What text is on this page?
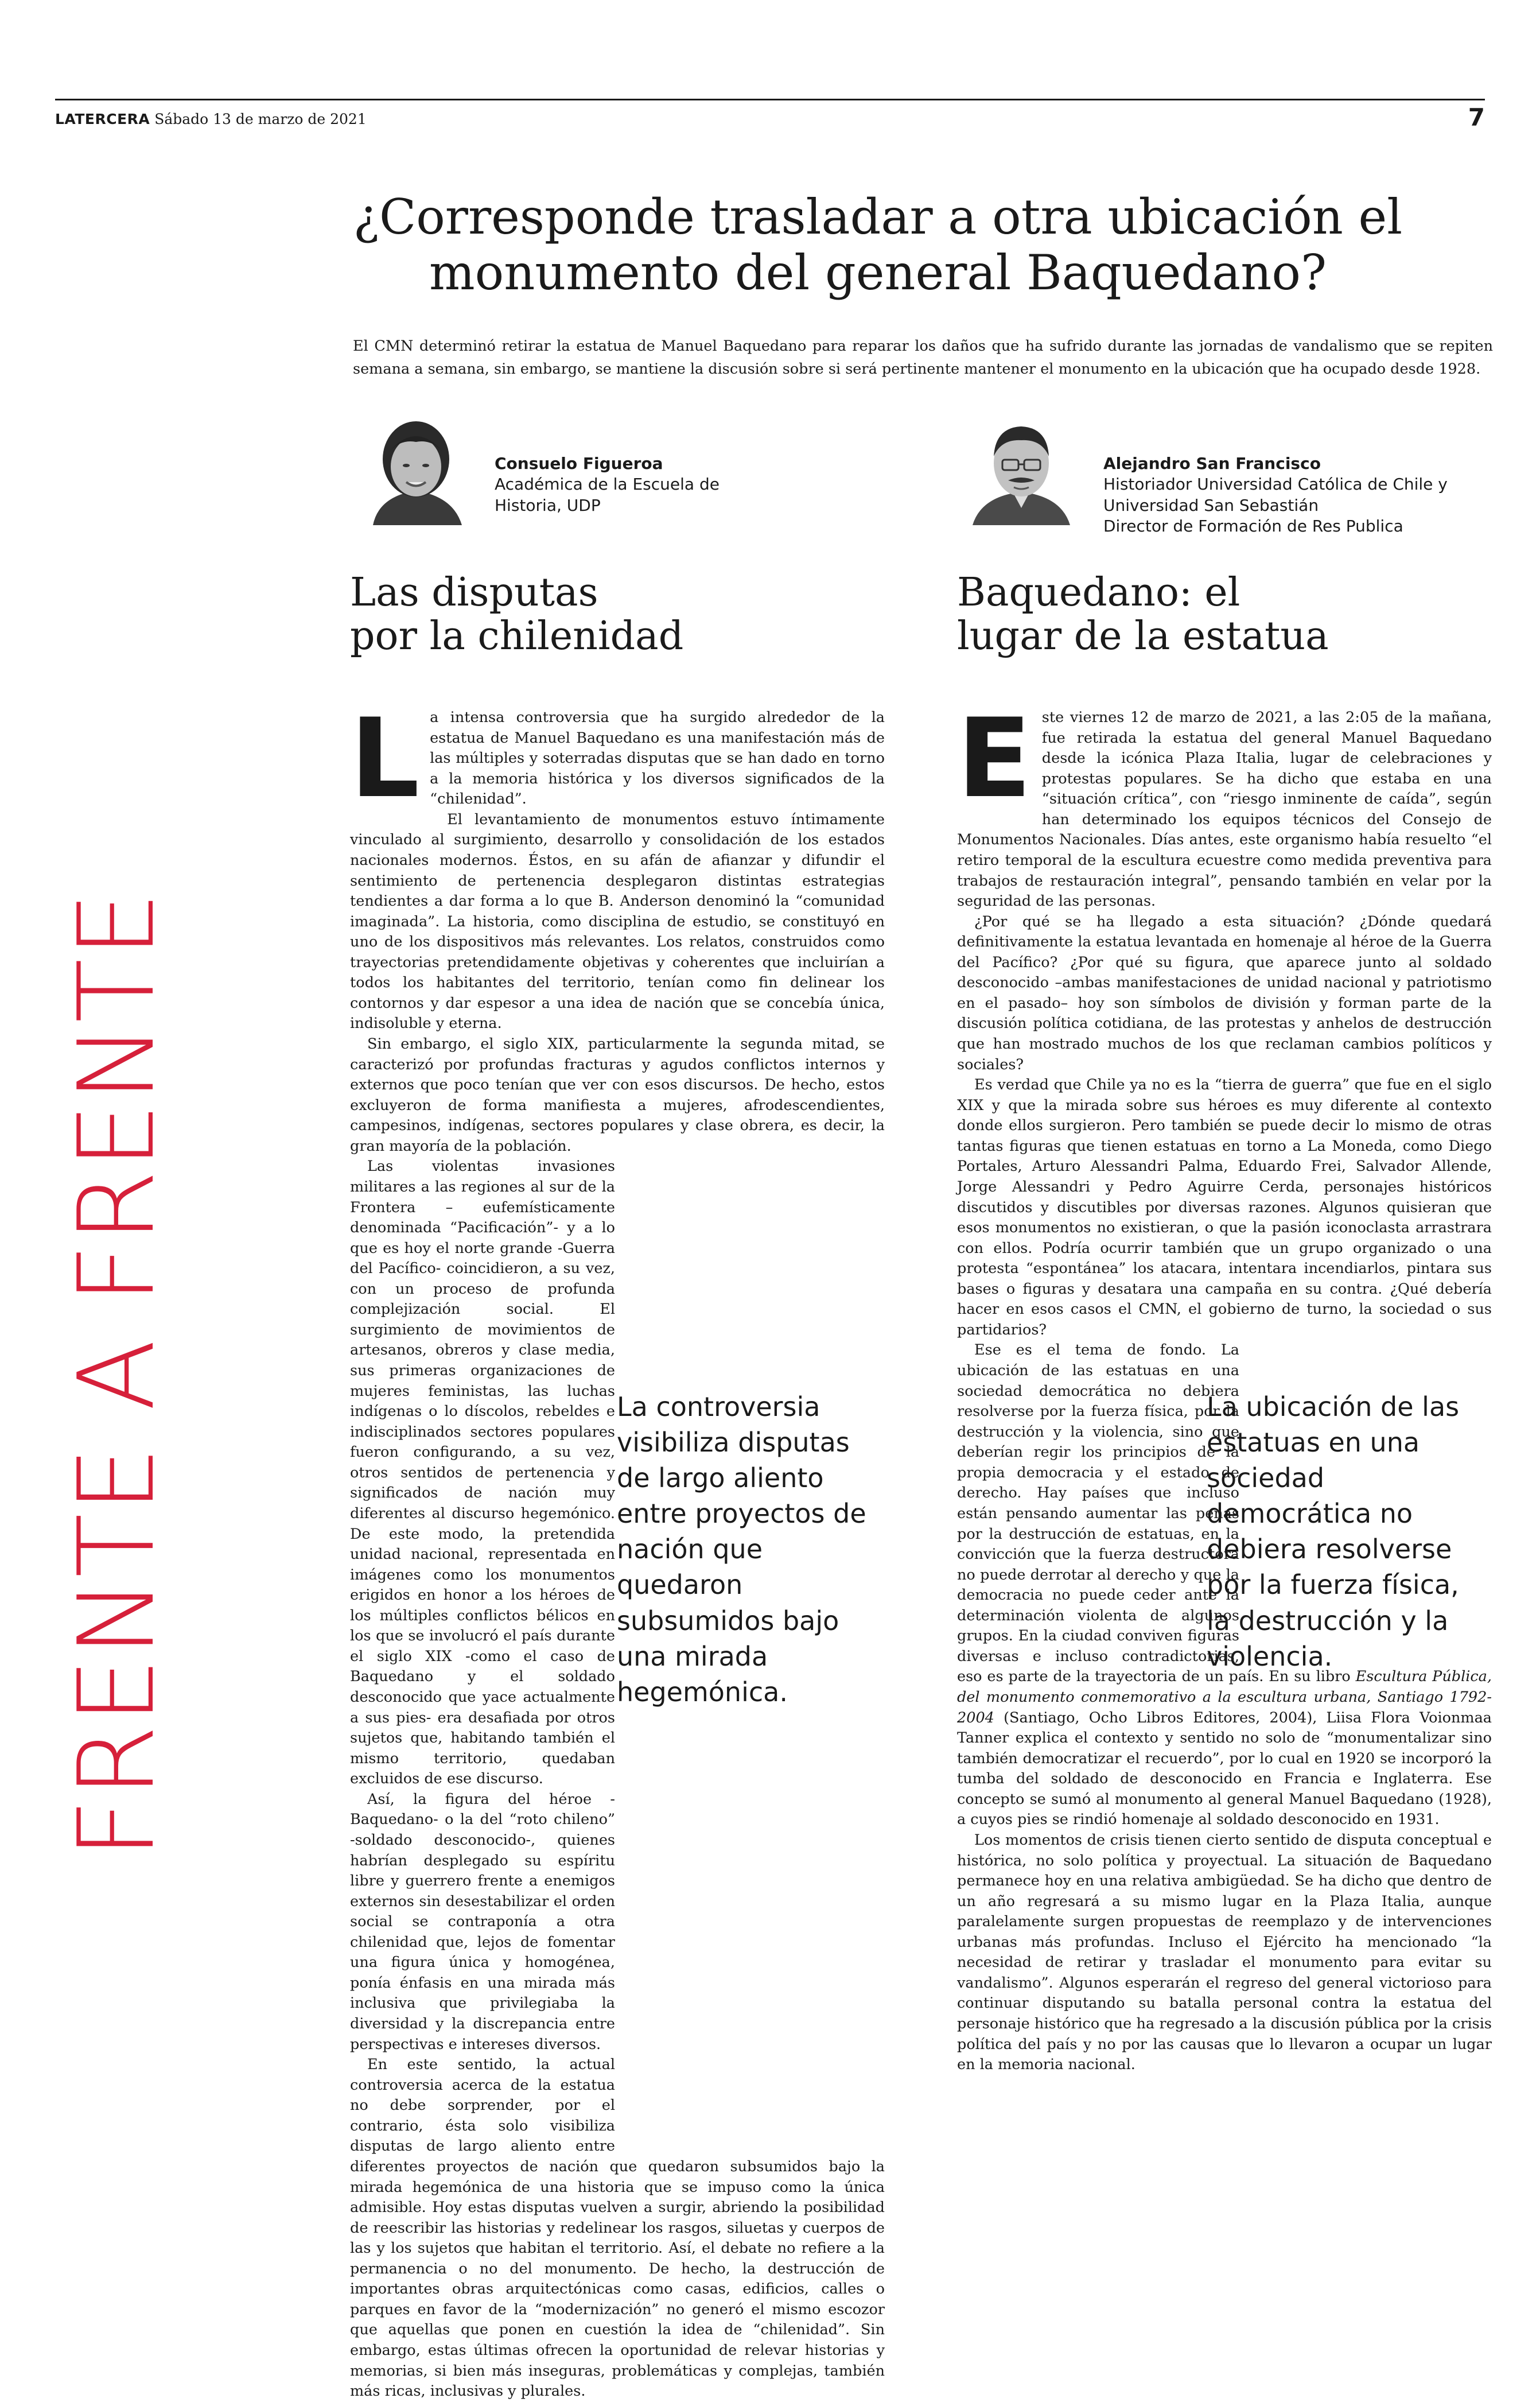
LATERCERA Sábado 13 de marzo de 2021	7
¿Corresponde trasladar a otra ubicación el
monumento del general Baquedano?
El CMN determinó retirar la estatua de Manuel Baquedano para reparar los daños que ha sufrido durante las jornadas de vandalismo que se repiten semana a semana, sin embargo, se mantiene la discusión sobre si será pertinente mantener el monumento en la ubicación que ha ocupado desde 1928.
FRENTE A FRENTE
Consuelo Figueroa
Académica de la Escuela de
Historia, UDP
Alejandro San Francisco
Historiador Universidad Católica de Chile y
Universidad San Sebastián
Director de Formación de Res Publica
Las disputas
por la chilenidad
Baquedano: el
lugar de la estatua

La intensa controversia que ha surgido alrededor de la estatua de Manuel Baquedano es una manifestación más de las múltiples y soterradas disputas que se han dado en torno a la memoria histórica y los diversos significados de la “chilenidad”.

El levantamiento de monumentos estuvo íntimamente vinculado al surgimiento, desarrollo y consolidación de los estados nacionales modernos. Éstos, en su afán de afianzar y difundir el sentimiento de pertenencia desplegaron distintas estrategias tendientes a dar forma a lo que B. Anderson denominó la “comunidad imaginada”. La historia, como disciplina de estudio, se constituyó en uno de los dispositivos más relevantes. Los relatos, construidos como trayectorias pretendidamente objetivas y coherentes que incluirían a todos los habitantes del territorio, tenían como fin delinear los contornos y dar espesor a una idea de nación que se concebía única, indisoluble y eterna.

Sin embargo, el siglo XIX, particularmente la segunda mitad, se caracterizó por profundas fracturas y agudos conflictos internos y externos que poco tenían que ver con esos discursos. De hecho, estos excluyeron de forma manifiesta a mujeres, afrodescendientes, campesinos, indígenas, sectores populares y clase obrera, es decir, la gran mayoría de la población.

Las violentas invasiones militares a las regiones al sur de la Frontera – eufemísticamente denominada “Pacificación”- y a lo que es hoy el norte grande -Guerra del Pacífico- coincidieron, a su vez, con un proceso de profunda complejización social. El surgimiento de movimientos de artesanos, obreros y clase media, sus primeras organizaciones de mujeres feministas, las luchas indígenas o lo díscolos, rebeldes e indisciplinados sectores populares fueron configurando, a su vez, otros sentidos de pertenencia y significados de nación muy diferentes al discurso hegemónico. De este modo, la pretendida unidad nacional, representada en imágenes como los monumentos erigidos en honor a los héroes de los múltiples conflictos bélicos en los que se involucró el país durante el siglo XIX -como el caso de Baquedano y el soldado desconocido que yace actualmente a sus pies- era desafiada por otros sujetos que, habitando también el mismo territorio, quedaban excluidos de ese discurso.

Así, la figura del héroe -Baquedano- o la del “roto chileno” -soldado desconocido-, quienes habrían desplegado su espíritu libre y guerrero frente a enemigos externos sin desestabilizar el orden social se contraponía a otra chilenidad que, lejos de fomentar una figura única y homogénea, ponía énfasis en una mirada más inclusiva que privilegiaba la diversidad y la discrepancia entre perspectivas e intereses diversos.

En este sentido, la actual controversia acerca de la estatua no debe sorprender, por el contrario, ésta solo visibiliza disputas de largo aliento entre diferentes proyectos de nación que quedaron subsumidos bajo la mirada hegemónica de una historia que se impuso como la única admisible. Hoy estas disputas vuelven a surgir, abriendo la posibilidad de reescribir las historias y redelinear los rasgos, siluetas y cuerpos de las y los sujetos que habitan el territorio. Así, el debate no refiere a la permanencia o no del monumento. De hecho, la destrucción de importantes obras arquitectónicas como casas, edificios, calles o parques en favor de la “modernización” no generó el mismo escozor que aquellas que ponen en cuestión la idea de “chilenidad”. Sin embargo, estas últimas ofrecen la oportunidad de relevar historias y memorias, si bien más inseguras, problemáticas y complejas, también más ricas, inclusivas y plurales.

La controversia visibiliza disputas de largo aliento entre proyectos de nación que quedaron subsumidos bajo una mirada hegemónica.

Este viernes 12 de marzo de 2021, a las 2:05 de la mañana, fue retirada la estatua del general Manuel Baquedano desde la icónica Plaza Italia, lugar de celebraciones y protestas populares. Se ha dicho que estaba en una “situación crítica”, con “riesgo inminente de caída”, según han determinado los equipos técnicos del Consejo de Monumentos Nacionales. Días antes, este organismo había resuelto “el retiro temporal de la escultura ecuestre como medida preventiva para trabajos de restauración integral”, pensando también en velar por la seguridad de las personas.

¿Por qué se ha llegado a esta situación? ¿Dónde quedará definitivamente la estatua levantada en homenaje al héroe de la Guerra del Pacífico? ¿Por qué su figura, que aparece junto al soldado desconocido –ambas manifestaciones de unidad nacional y patriotismo en el pasado– hoy son símbolos de división y forman parte de la discusión política cotidiana, de las protestas y anhelos de destrucción que han mostrado muchos de los que reclaman cambios políticos y sociales?

Es verdad que Chile ya no es la “tierra de guerra” que fue en el siglo XIX y que la mirada sobre sus héroes es muy diferente al contexto donde ellos surgieron. Pero también se puede decir lo mismo de otras tantas figuras que tienen estatuas en torno a La Moneda, como Diego Portales, Arturo Alessandri Palma, Eduardo Frei, Salvador Allende, Jorge Alessandri y Pedro Aguirre Cerda, personajes históricos discutidos y discutibles por diversas razones. Algunos quisieran que esos monumentos no existieran, o que la pasión iconoclasta arrastrara con ellos. Podría ocurrir también que un grupo organizado o una protesta “espontánea” los atacara, intentara incendiarlos, pintara sus bases o figuras y desatara una campaña en su contra. ¿Qué debería hacer en esos casos el CMN, el gobierno de turno, la sociedad o sus partidarios?

Ese es el tema de fondo. La ubicación de las estatuas en una sociedad democrática no debiera resolverse por la fuerza física, por la destrucción y la violencia, sino que deberían regir los principios de la propia democracia y el estado de derecho. Hay países que incluso están pensando aumentar las penas por la destrucción de estatuas, en la convicción que la fuerza destructora no puede derrotar al derecho y que la democracia no puede ceder ante la determinación violenta de algunos grupos. En la ciudad conviven figuras diversas e incluso contradictorias, eso es parte de la trayectoria de un país. En su libro Escultura Pública, del monumento conmemorativo a la escultura urbana, Santiago 1792-2004 (Santiago, Ocho Libros Editores, 2004), Liisa Flora Voionmaa Tanner explica el contexto y sentido no solo de “monumentalizar sino también democratizar el recuerdo”, por lo cual en 1920 se incorporó la tumba del soldado de desconocido en Francia e Inglaterra. Ese concepto se sumó al monumento al general Manuel Baquedano (1928), a cuyos pies se rindió homenaje al soldado desconocido en 1931.

Los momentos de crisis tienen cierto sentido de disputa conceptual e histórica, no solo política y proyectual. La situación de Baquedano permanece hoy en una relativa ambigüedad. Se ha dicho que dentro de un año regresará a su mismo lugar en la Plaza Italia, aunque paralelamente surgen propuestas de reemplazo y de intervenciones urbanas más profundas. Incluso el Ejército ha mencionado “la necesidad de retirar y trasladar el monumento para evitar su vandalismo”. Algunos esperarán el regreso del general victorioso para continuar disputando su batalla personal contra la estatua del personaje histórico que ha regresado a la discusión pública por la crisis política del país y no por las causas que lo llevaron a ocupar un lugar en la memoria nacional.

La ubicación de las estatuas en una sociedad democrática no debiera resolverse por la fuerza física, la destrucción y la violencia.
